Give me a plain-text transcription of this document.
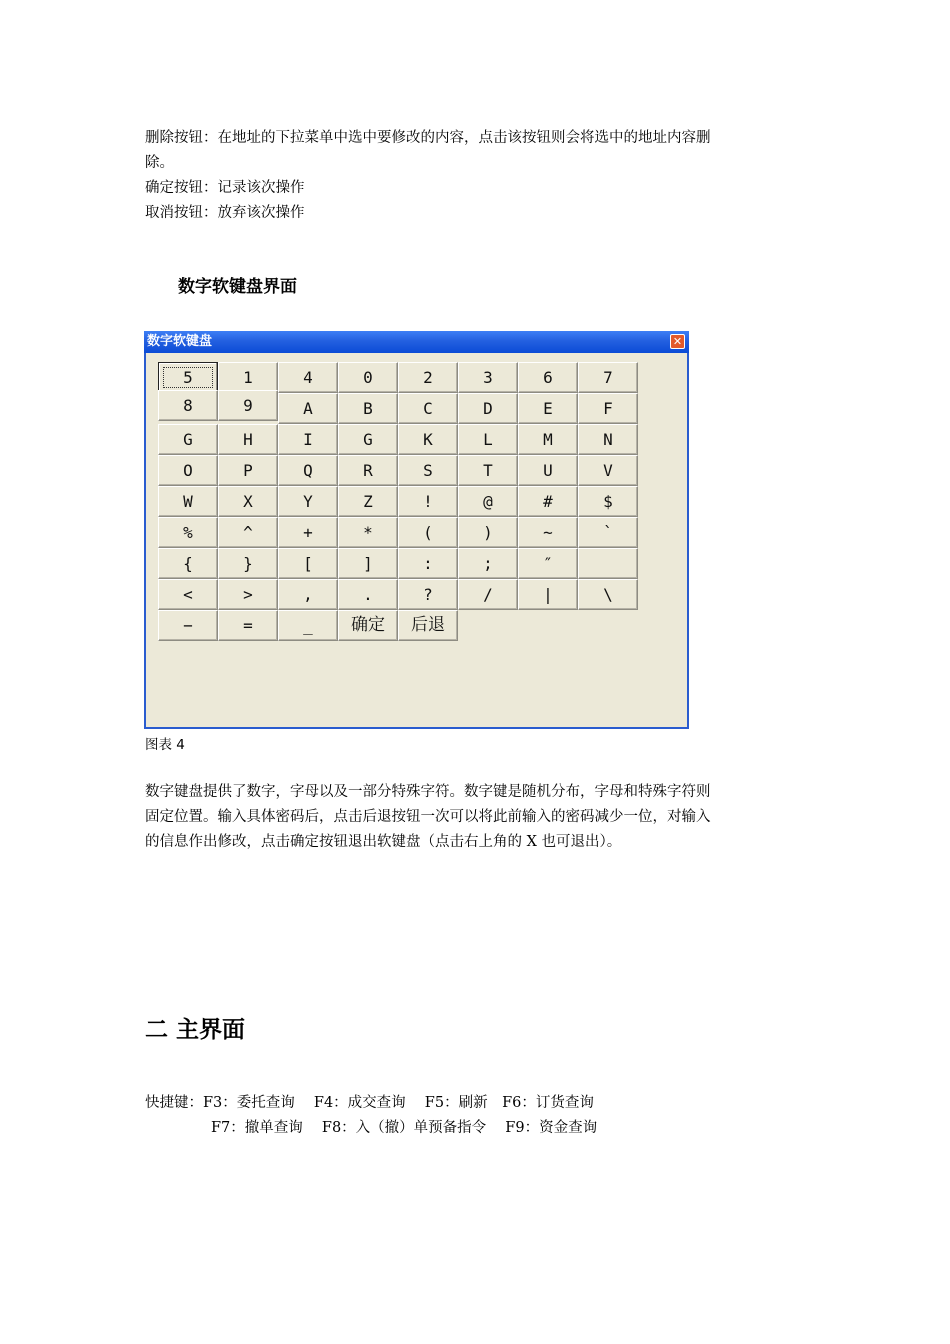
删除按钮：在地址的下拉菜单中选中要修改的内容，点击该按钮则会将选中的地址内容删

除。

确定按钮：记录该次操作

取消按钮：放弃该次操作

数字软键盘界面
数字软键盘	✕
5	1	4	0	2	3	6	7
8	9	A	B	C	D	E	F
G	H	I	G	K	L	M	N
O	P	Q	R	S	T	U	V
W	X	Y	Z	!	@	#	$
%	^	+	*	(	)	~	`
{	}	[	]	:	;	″
<	>	,	.	?	/	|	\
−	=	_	确定	后退

图表 4

数字键盘提供了数字，字母以及一部分特殊字符。数字键是随机分布，字母和特殊字符则

固定位置。输入具体密码后，点击后退按钮一次可以将此前输入的密码减少一位，对输入

的信息作出修改，点击确定按钮退出软键盘（点击右上角的 X 也可退出）。

二 主界面

快捷键：F3：委托查询　 F4：成交查询　 F5：刷新　F6：订货查询

F7：撤单查询　 F8：入（撤）单预备指令　 F9：资金查询
